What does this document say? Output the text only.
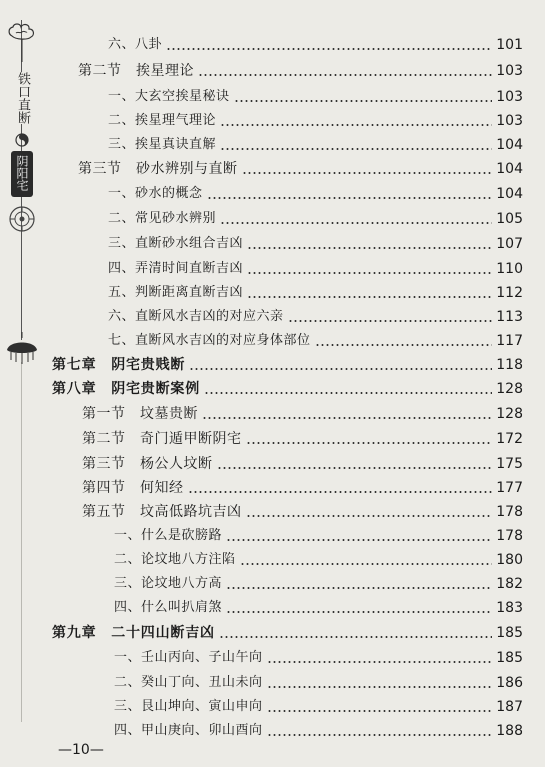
铁口直断
阴阳宅
六、八卦	101
第二节　挨星理论	103
一、大玄空挨星秘诀	103
二、挨星理气理论	103
三、挨星真诀直解	104
第三节　砂水辨别与直断	104
一、砂水的概念	104
二、常见砂水辨别	105
三、直断砂水组合吉凶	107
四、弄清时间直断吉凶	110
五、判断距离直断吉凶	112
六、直断风水吉凶的对应六亲	113
七、直断风水吉凶的对应身体部位	117
第七章　阴宅贵贱断	118
第八章　阴宅贵断案例	128
第一节　坟墓贵断	128
第二节　奇门遁甲断阴宅	172
第三节　杨公人坟断	175
第四节　何知经	177
第五节　坟高低路坑吉凶	178
一、什么是砍膀路	178
二、论坟地八方注陷	180
三、论坟地八方高	182
四、什么叫扒肩煞	183
第九章　二十四山断吉凶	185
一、壬山丙向、子山午向	185
二、癸山丁向、丑山未向	186
三、艮山坤向、寅山申向	187
四、甲山庚向、卯山酉向	188
—10—
